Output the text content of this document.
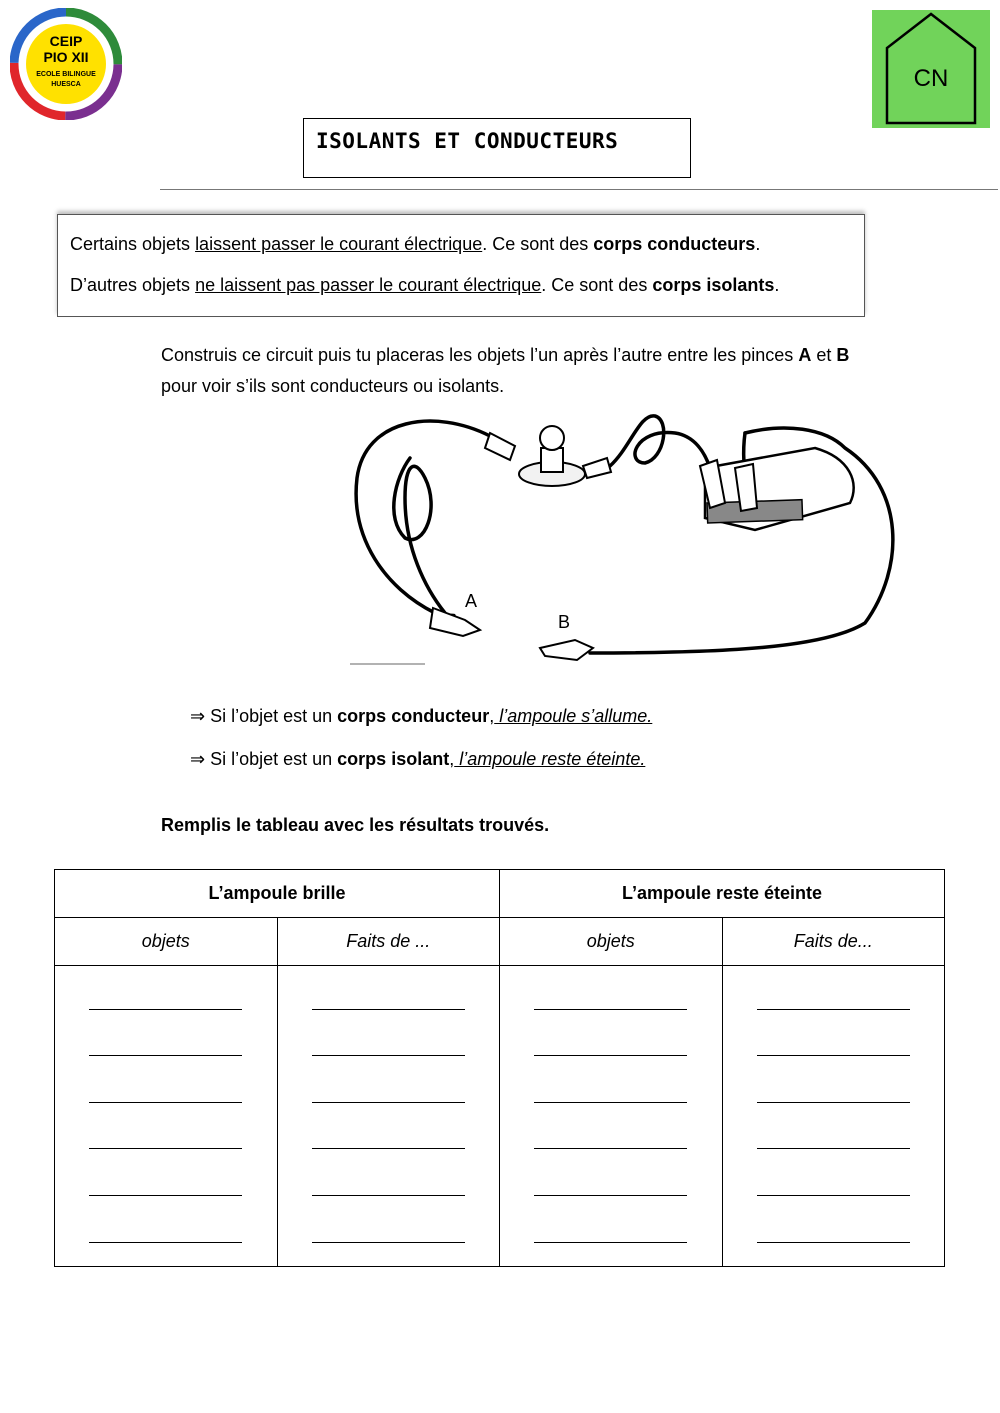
CEIP
PIO XII
ECOLE BILINGUE
HUESCA	CN
ISOLANTS ET CONDUCTEURS
Certains objets laissent passer le courant électrique. Ce sont des corps conducteurs.
D’autres objets ne laissent pas passer le courant électrique. Ce sont des corps isolants.
Construis ce circuit puis tu placeras les objets l’un après l’autre entre les pinces A et B pour voir s’ils sont conducteurs ou isolants.
A
B
⇒ Si l’objet est un corps conducteur, l’ampoule s’allume.
⇒ Si l’objet est un corps isolant, l’ampoule reste éteinte.
Remplis le tableau avec les résultats trouvés.
L’ampoule brille		L’ampoule reste éteinte	
objets	Faits de ...	objets	Faits de...
